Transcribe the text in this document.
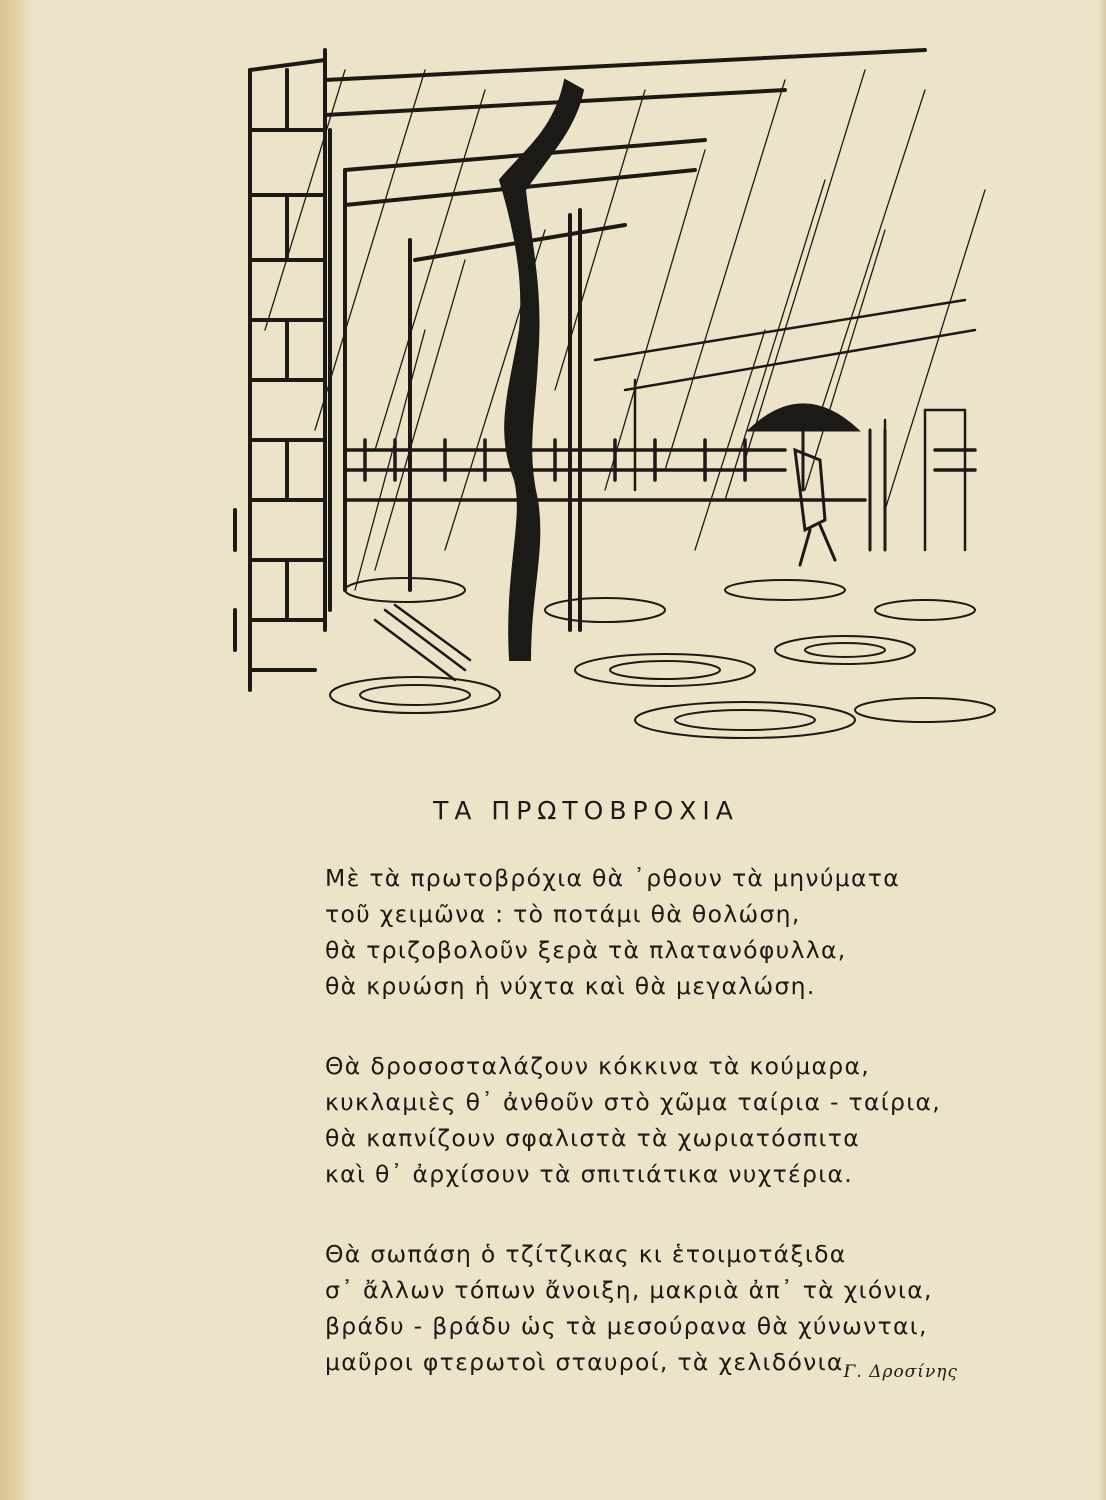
ΤΑ ΠΡΩΤΟΒΡΟΧΙΑ
Μὲ τὰ πρωτοβρόχια θὰ ᾽ρθουν τὰ μηνύματα
τοῦ χειμῶνα : τὸ ποτάμι θὰ θολώση,
θὰ τριζοβολοῦν ξερὰ τὰ πλατανόφυλλα,
θὰ κρυώση ἡ νύχτα καὶ θὰ μεγαλώση.
Θὰ δροσοσταλάζουν κόκκινα τὰ κούμαρα,
κυκλαμιὲς θ᾽ ἀνθοῦν στὸ χῶμα ταίρια - ταίρια,
θὰ καπνίζουν σφαλιστὰ τὰ χωριατόσπιτα
καὶ θ᾽ ἀρχίσουν τὰ σπιτιάτικα νυχτέρια.
Θὰ σωπάση ὁ τζίτζικας κι ἑτοιμοτάξιδα
σ᾽ ἄλλων τόπων ἄνοιξη, μακριὰ ἀπ᾽ τὰ χιόνια,
βράδυ - βράδυ ὡς τὰ μεσούρανα θὰ χύνωνται,
μαῦροι φτερωτοὶ σταυροί, τὰ χελιδόνια.
Γ. Δροσίνης
